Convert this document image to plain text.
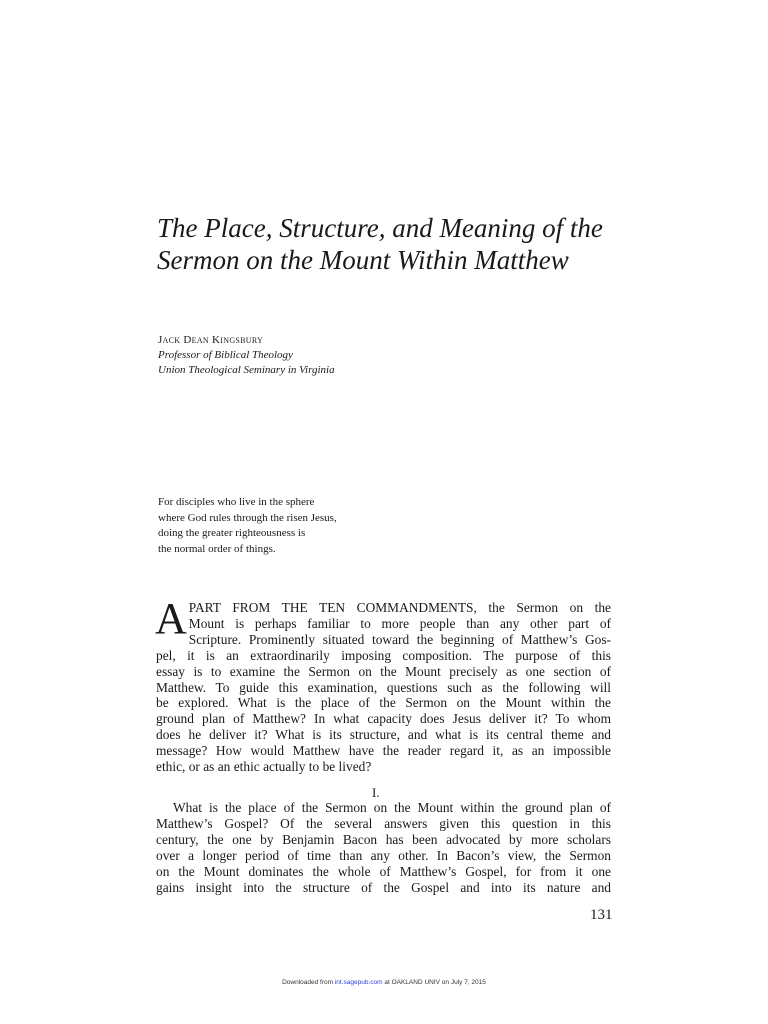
The Place, Structure, and Meaning of the
Sermon on the Mount Within Matthew
Jack Dean Kingsbury
Professor of Biblical Theology
Union Theological Seminary in Virginia
For disciples who live in the sphere
where God rules through the risen Jesus,
doing the greater righteousness is
the normal order of things.
A PART FROM THE TEN COMMANDMENTS, the Sermon on the
Mount is perhaps familiar to more people than any other part of
Scripture. Prominently situated toward the beginning of Matthew’s Gos-
pel, it is an extraordinarily imposing composition. The purpose of this
essay is to examine the Sermon on the Mount precisely as one section of
Matthew. To guide this examination, questions such as the following will
be explored. What is the place of the Sermon on the Mount within the
ground plan of Matthew? In what capacity does Jesus deliver it? To whom
does he deliver it? What is its structure, and what is its central theme and
message? How would Matthew have the reader regard it, as an impossible
ethic, or as an ethic actually to be lived?
I.
What is the place of the Sermon on the Mount within the ground plan of
Matthew’s Gospel? Of the several answers given this question in this
century, the one by Benjamin Bacon has been advocated by more scholars
over a longer period of time than any other. In Bacon’s view, the Sermon
on the Mount dominates the whole of Matthew’s Gospel, for from it one
gains insight into the structure of the Gospel and into its nature and
131
Downloaded from int.sagepub.com at OAKLAND UNIV on July 7, 2015
